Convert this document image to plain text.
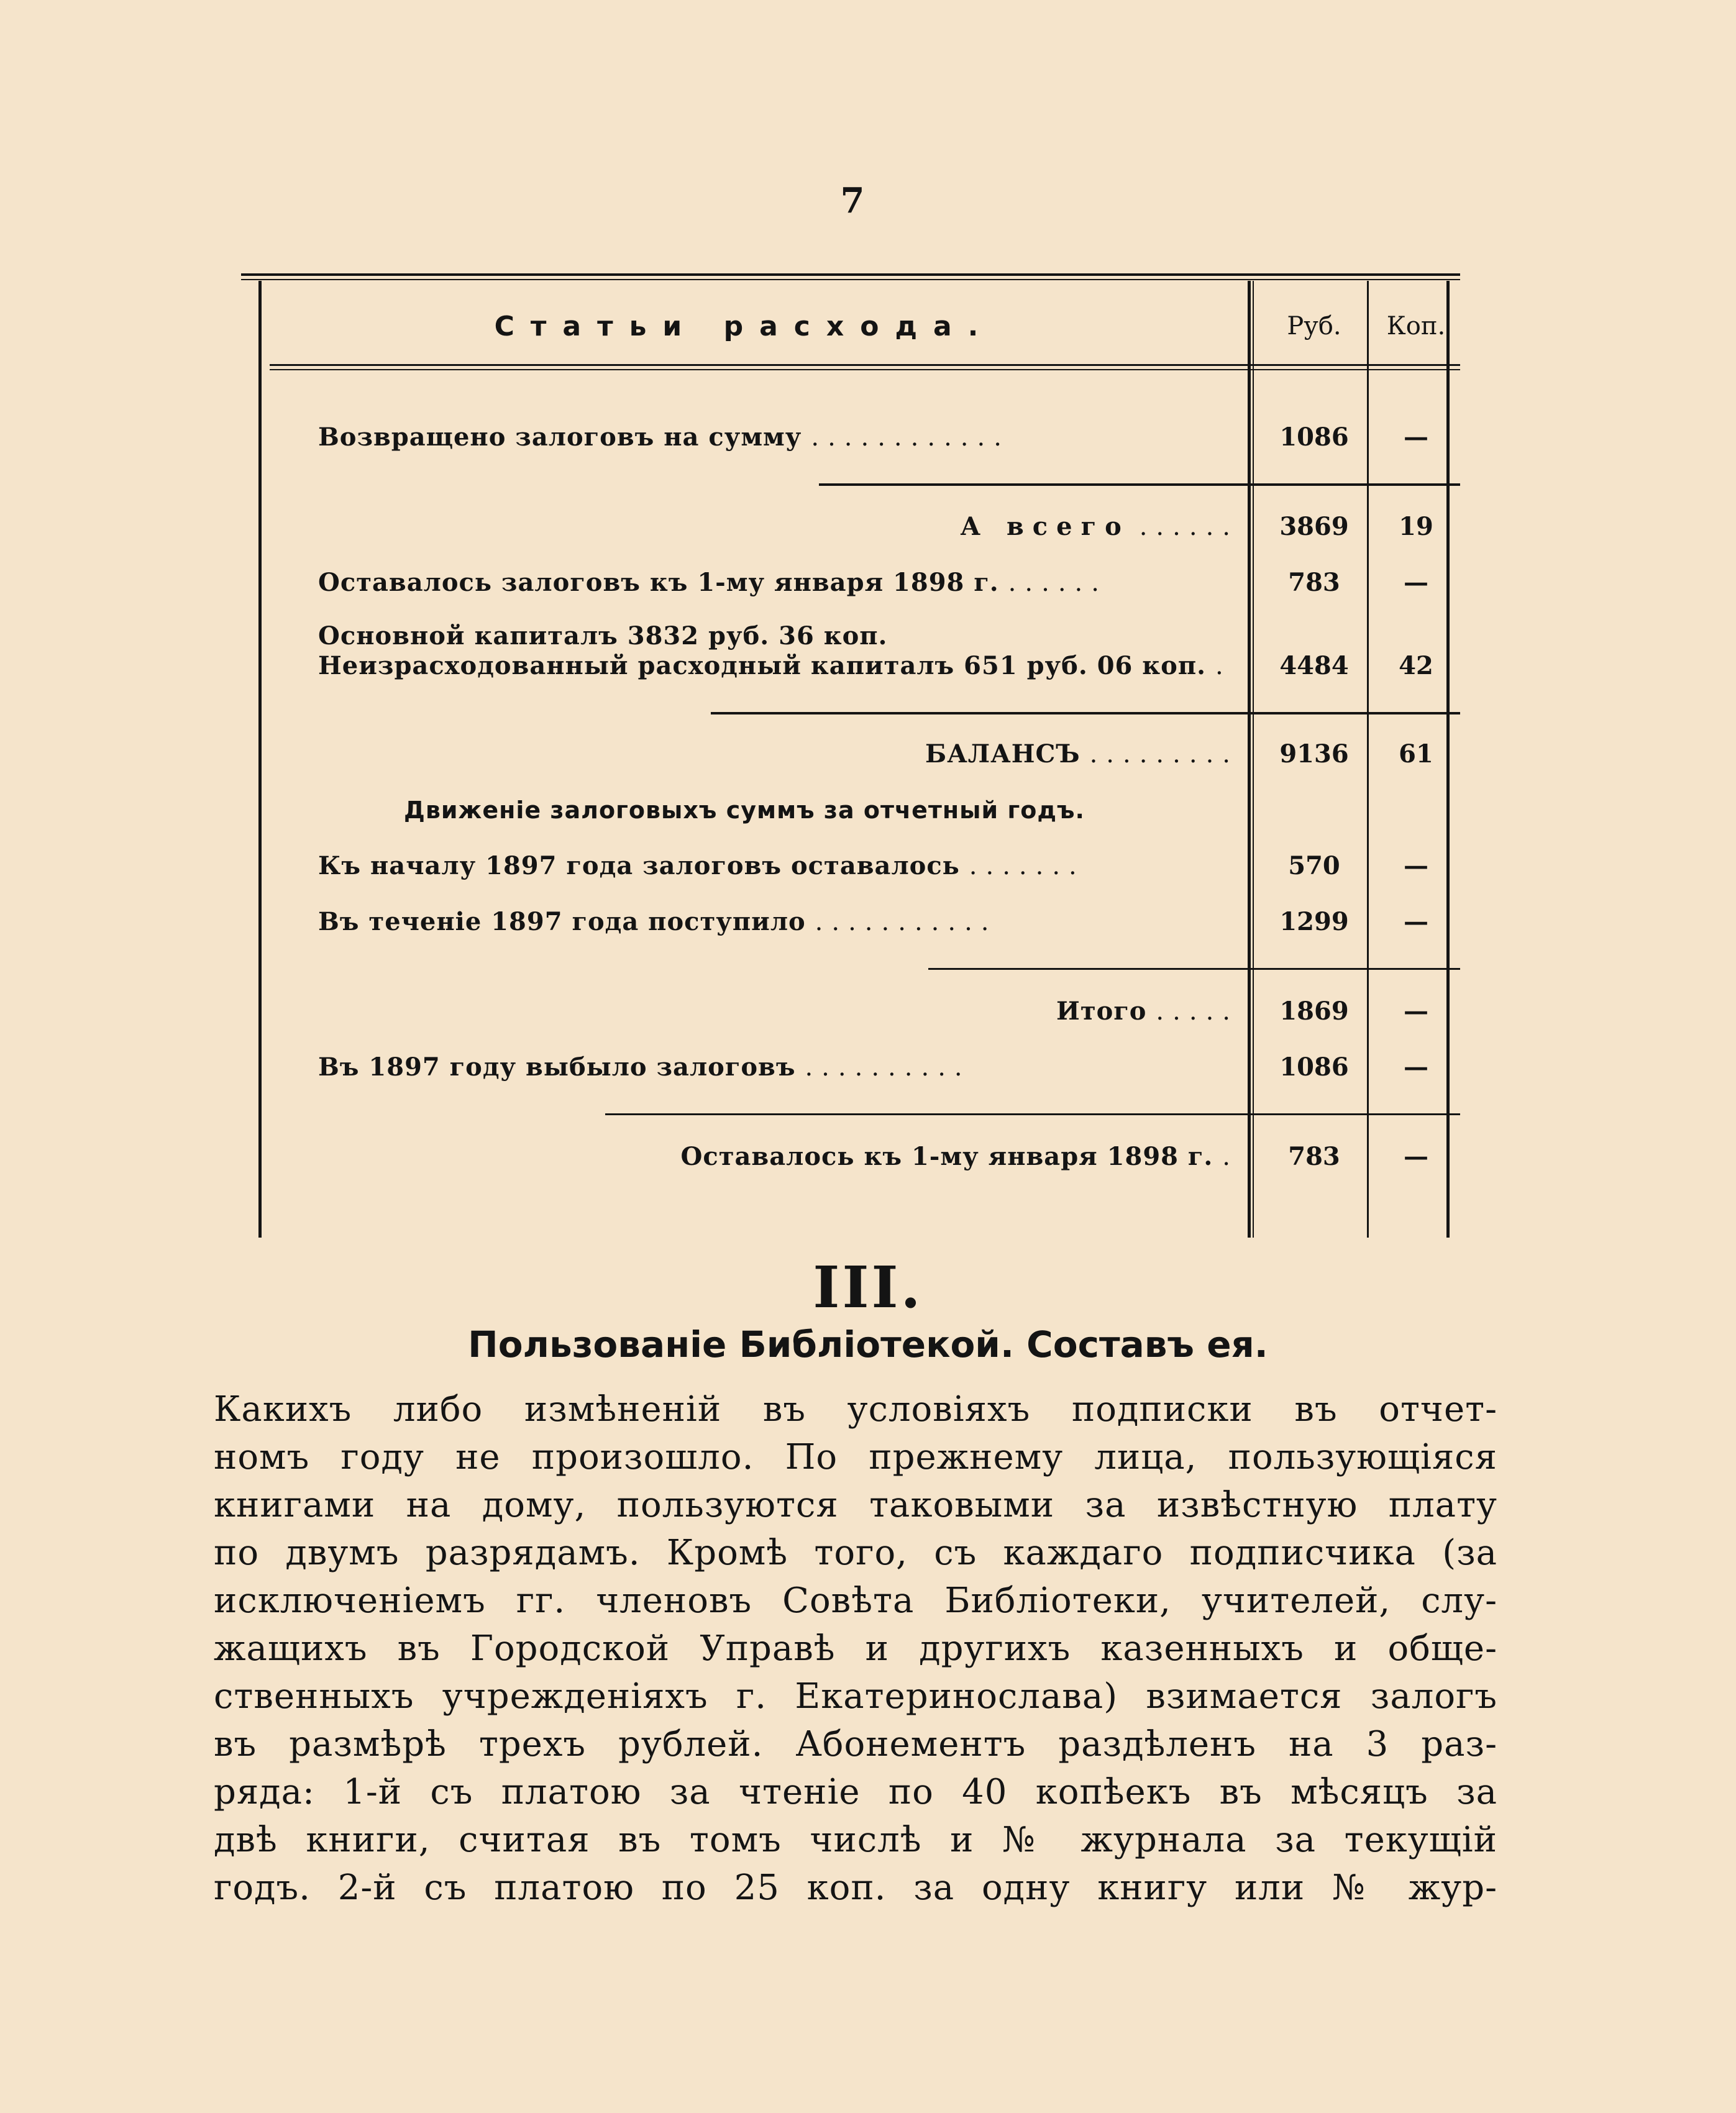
7
Статьи расхода.	Руб.	Коп.
Возвращено залоговъ на сумму ............	1086	—
А всего ......	3869	19
Оставалось залоговъ къ 1-му января 1898 г. ......	783	—
Основной капиталъ 3832 руб. 36 коп.
Неизрасходованный расходный капиталъ 651 руб. 06 коп. .	4484	42
БАЛАНСЪ .........	9136	61
Движеніе залоговыхъ суммъ за отчетный годъ.
Къ началу 1897 года залоговъ оставалось .......	570	—
Въ теченіе 1897 года поступило ...........	1299	—
Итого .....	1869	—
Въ 1897 году выбыло залоговъ ..........	1086	—
Оставалось къ 1-му января 1898 г. .	783	—
III.
Пользованіе Библіотекой. Составъ ея.
Какихъ либо измѣненій въ условіяхъ подписки въ отчет-
номъ году не произошло. По прежнему лица, пользующіяся
книгами на дому, пользуются таковыми за извѣстную плату
по двумъ разрядамъ. Кромѣ того, съ каждаго подписчика (за
исключеніемъ гг. членовъ Совѣта Библіотеки, учителей, слу-
жащихъ въ Городской Управѣ и другихъ казенныхъ и обще-
ственныхъ учрежденіяхъ г. Екатеринослава) взимается залогъ
въ размѣрѣ трехъ рублей. Абонементъ раздѣленъ на 3 раз-
ряда: 1-й съ платою за чтеніе по 40 копѣекъ въ мѣсяцъ за
двѣ книги, считая въ томъ числѣ и № журнала за текущій
годъ. 2-й съ платою по 25 коп. за одну книгу или № жур-
